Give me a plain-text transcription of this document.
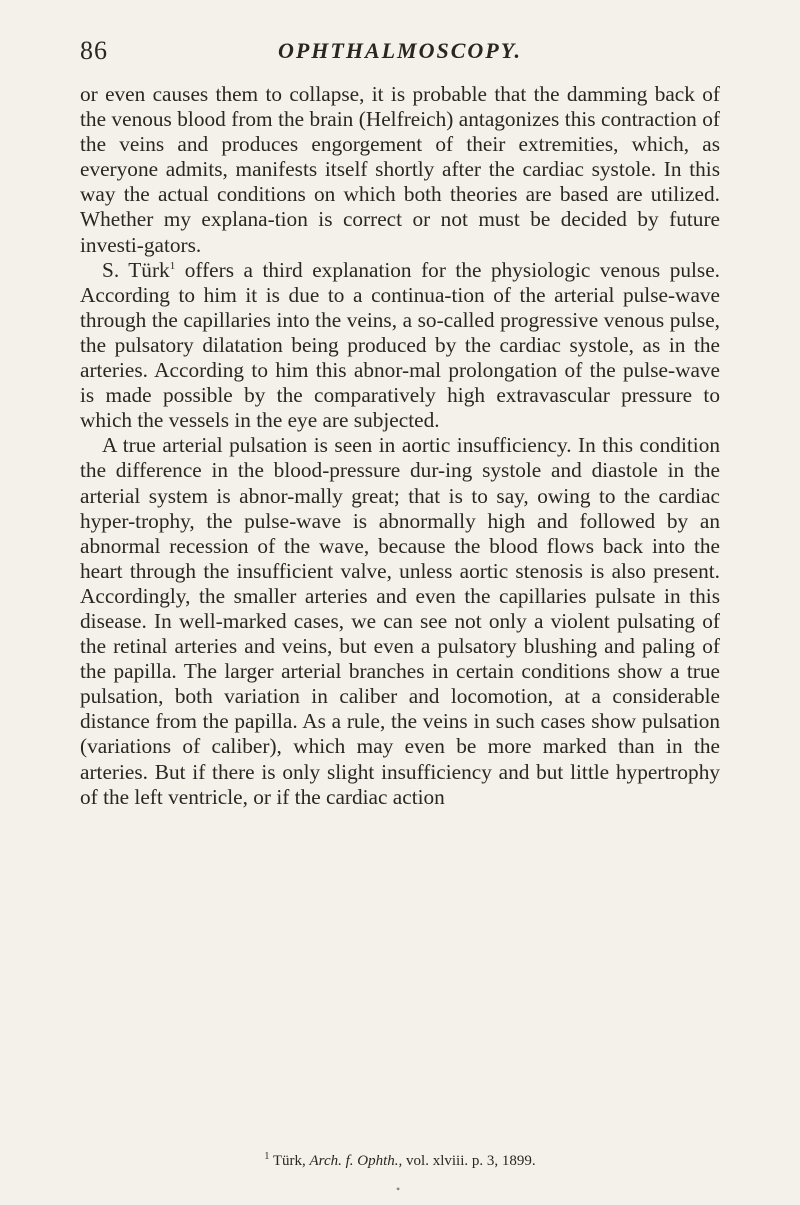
86	OPHTHALMOSCOPY.

or even causes them to collapse, it is probable that the damming back of the venous blood from the brain (Helfreich) antagonizes this contraction of the veins and produces engorgement of their extremities, which, as everyone admits, manifests itself shortly after the cardiac systole. In this way the actual conditions on which both theories are based are utilized. Whether my explana-tion is correct or not must be decided by future investi-gators.

S. Türk$^1$ offers a third explanation for the physiologic venous pulse. According to him it is due to a continua-tion of the arterial pulse-wave through the capillaries into the veins, a so-called progressive venous pulse, the pulsatory dilatation being produced by the cardiac systole, as in the arteries. According to him this abnor-mal prolongation of the pulse-wave is made possible by the comparatively high extravascular pressure to which the vessels in the eye are subjected.

A true arterial pulsation is seen in aortic insufficiency. In this condition the difference in the blood-pressure dur-ing systole and diastole in the arterial system is abnor-mally great; that is to say, owing to the cardiac hyper-trophy, the pulse-wave is abnormally high and followed by an abnormal recession of the wave, because the blood flows back into the heart through the insufficient valve, unless aortic stenosis is also present. Accordingly, the smaller arteries and even the capillaries pulsate in this disease. In well-marked cases, we can see not only a violent pulsating of the retinal arteries and veins, but even a pulsatory blushing and paling of the papilla. The larger arterial branches in certain conditions show a true pulsation, both variation in caliber and locomotion, at a considerable distance from the papilla. As a rule, the veins in such cases show pulsation (variations of caliber), which may even be more marked than in the arteries. But if there is only slight insufficiency and but little hypertrophy of the left ventricle, or if the cardiac action

$^1$ Türk, Arch. f. Ophth., vol. xlviii. p. 3, 1899.
•
